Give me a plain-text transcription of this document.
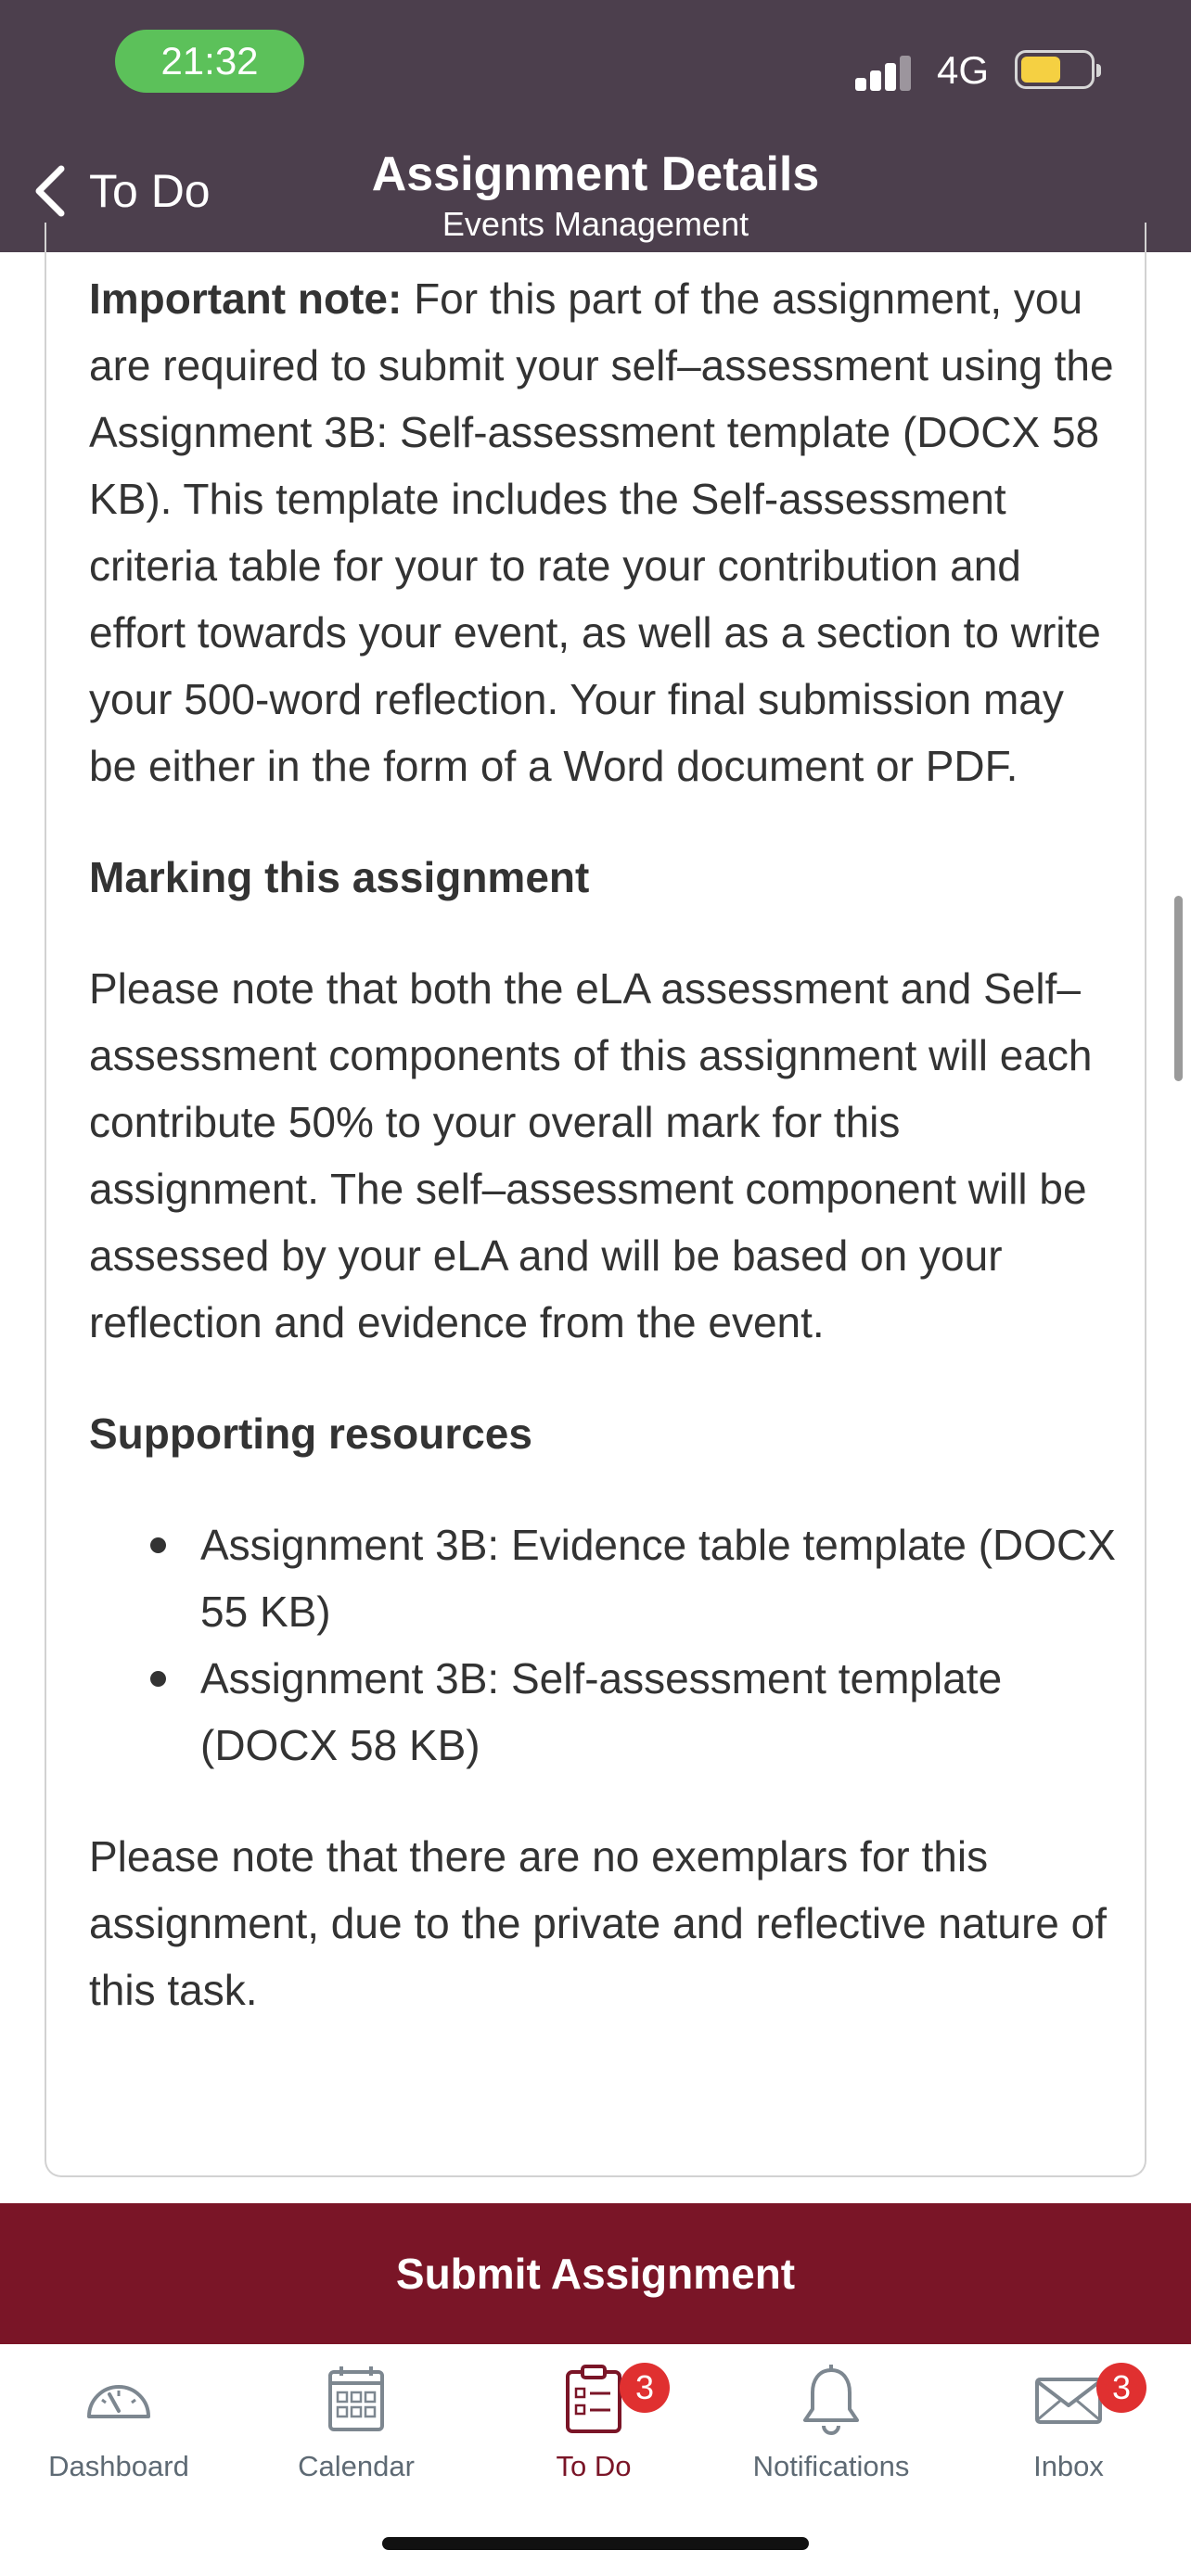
21:32	4G
To Do	Assignment Details
Events Management

Important note: For this part of the assignment, you are required to submit your self–assessment using the Assignment 3B: Self-assessment template (DOCX 58 KB). This template includes the Self-assessment criteria table for your to rate your contribution and effort towards your event, as well as a section to write your 500-word reflection. Your final submission may be either in the form of a Word document or PDF.

Marking this assignment

Please note that both the eLA assessment and Self–assessment components of this assignment will each contribute 50% to your overall mark for this assignment. The self–assessment component will be assessed by your eLA and will be based on your reflection and evidence from the event.

Supporting resources

Assignment 3B: Evidence table template (DOCX 55 KB)
Assignment 3B: Self-assessment template (DOCX 58 KB)

Please note that there are no exemplars for this assignment, due to the private and reflective nature of this task.

Submit Assignment
Dashboard	Calendar	To Do
3
Notifications	Inbox
3
